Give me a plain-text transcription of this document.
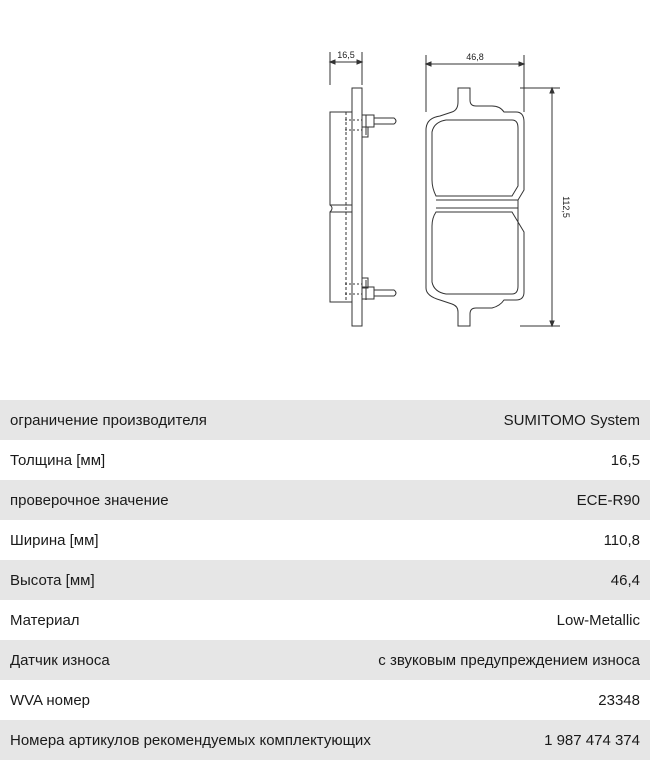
16,5	46,8
112,5
ограничение производителя	SUMITOMO System
Толщина [мм]	16,5
проверочное значение	ECE-R90
Ширина [мм]	110,8
Высота [мм]	46,4
Материал	Low-Metallic
Датчик износа	с звуковым предупреждением износа
WVA номер	23348
Номера артикулов рекомендуемых комплектующих	1 987 474 374
